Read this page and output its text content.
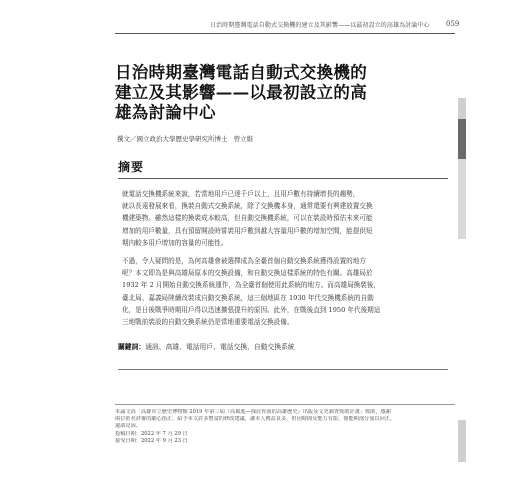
日治時期臺灣電話自動式交換機的建立及其影響——以最初設立的高雄為討論中心 059
日治時期臺灣電話自動式交換機的
建立及其影響——以最初設立的高
雄為討論中心
撰文／國立政治大學歷史學研究所博士 曾立維
摘要
就電話交換機系統來說，若當地用戶已達千戶以上，且用戶數有持續增長的趨勢，
就以長遠發展來看，換裝自動式交換系統，除了交換機本身，通常還要有興建放置交換
機建築物。雖然這樣的換裝成本較高，但自動交換機系統，可以在裝設時預估未來可能
增加的用戶數量，具有預留開設時嘗裝用戶數到越大容量用戶數的增加空間，能提供短
期內較多用戶增加的容量的可能性。
不過，令人疑問的是，為何高雄會被選擇成為全臺首個自動交換系統獲得設置的地方
呢？本文即為是與高雄局原本的交換設備，和自動交換這樣系統的特色有關。高雄局於
1932 年 2 月開始自動交換系統運作，為全臺首個使用此系統的地方。而高雄局換裝後，
臺北局、嘉義局陸續改裝成自動交換系統，這三個地區在 1930 年代交換機系統的自動
化，是日後戰爭時期用戶得以迅速擴張提升的原因。此外，在戰後直到 1950 年代後期這
三地戰前裝設的自動交換系統仍是當地重要電話交換設備。
關鍵詞：通訊、高雄、電話用戶、電話交換、自動交換系統
本論文爲「高雄市立歷史博物館 2019 年第三屆『高風進—探討你我的高雄歷史』出版及文史調查獎助計畫」獎助，感謝
兩位匿名評審的細心指正，給予本文許多豐富的修改建議，讓本人獲益良多，但因時間及能力有限，僅能期部分加以回正，
還請見諒。
投稿日期：2022 年 7 月 29 日
接受日期：2022 年 9 月 23 日
